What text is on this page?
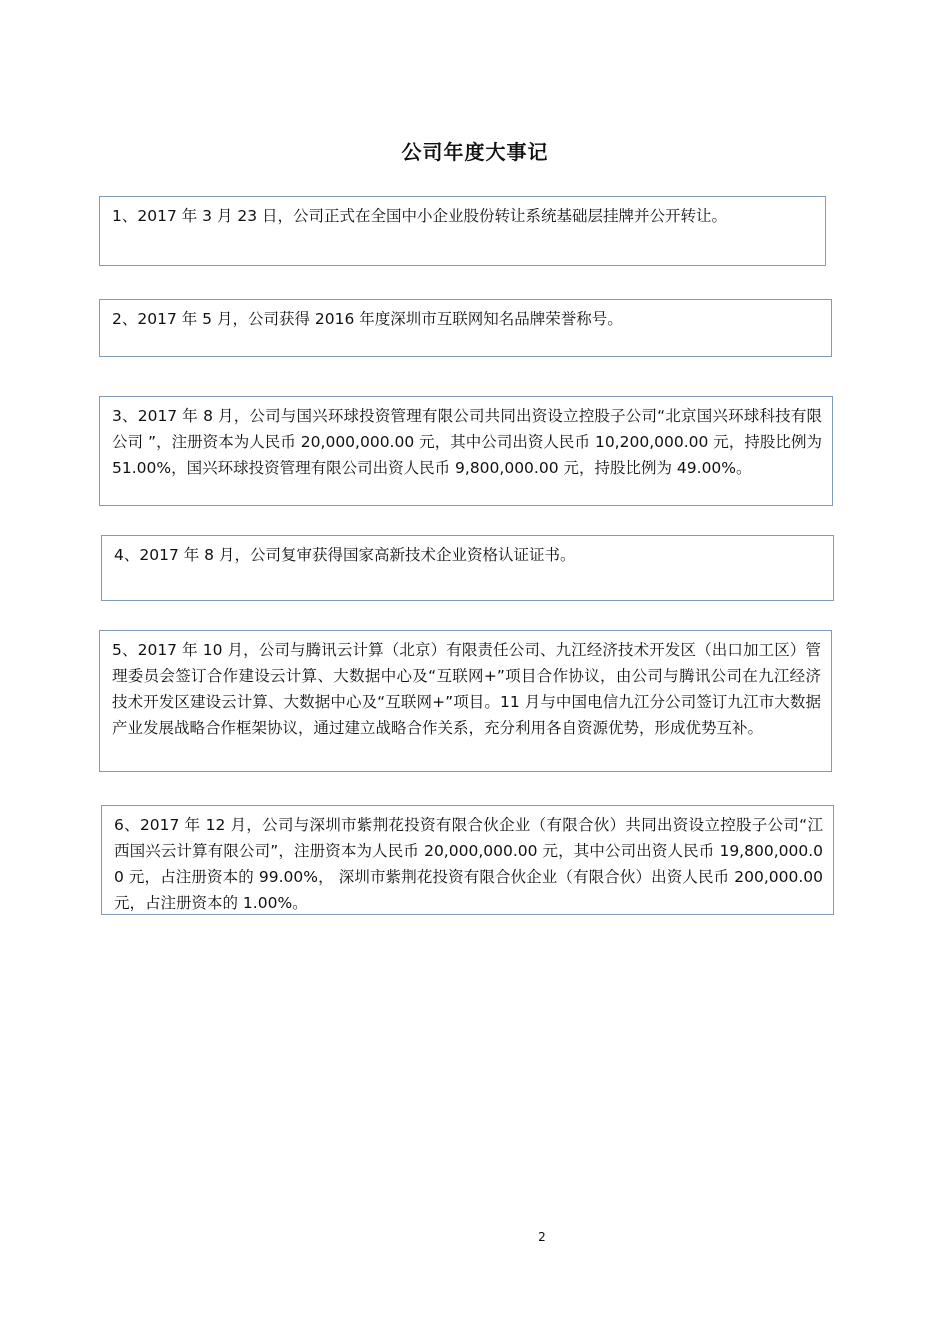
公司年度大事记
1、2017 年 3 月 23 日，公司正式在全国中小企业股份转让系统基础层挂牌并公开转让。
2、2017 年 5 月，公司获得 2016 年度深圳市互联网知名品牌荣誉称号。
3、2017 年 8 月，公司与国兴环球投资管理有限公司共同出资设立控股子公司“北京国兴环球科技有限公司 ”，注册资本为人民币 20,000,000.00 元，其中公司出资人民币 10,200,000.00 元，持股比例为 51.00%，国兴环球投资管理有限公司出资人民币 9,800,000.00 元，持股比例为 49.00%。
4、2017 年 8 月，公司复审获得国家高新技术企业资格认证证书。
5、2017 年 10 月，公司与腾讯云计算（北京）有限责任公司、九江经济技术开发区（出口加工区）管理委员会签订合作建设云计算、大数据中心及“互联网+”项目合作协议，由公司与腾讯公司在九江经济技术开发区建设云计算、大数据中心及“互联网+”项目。11 月与中国电信九江分公司签订九江市大数据产业发展战略合作框架协议，通过建立战略合作关系，充分利用各自资源优势，形成优势互补。
6、2017 年 12 月，公司与深圳市紫荆花投资有限合伙企业（有限合伙）共同出资设立控股子公司“江西国兴云计算有限公司”，注册资本为人民币 20,000,000.00 元，其中公司出资人民币 19,800,000.00 元，占注册资本的 99.00%， 深圳市紫荆花投资有限合伙企业（有限合伙）出资人民币 200,000.00 元，占注册资本的 1.00%。
2
